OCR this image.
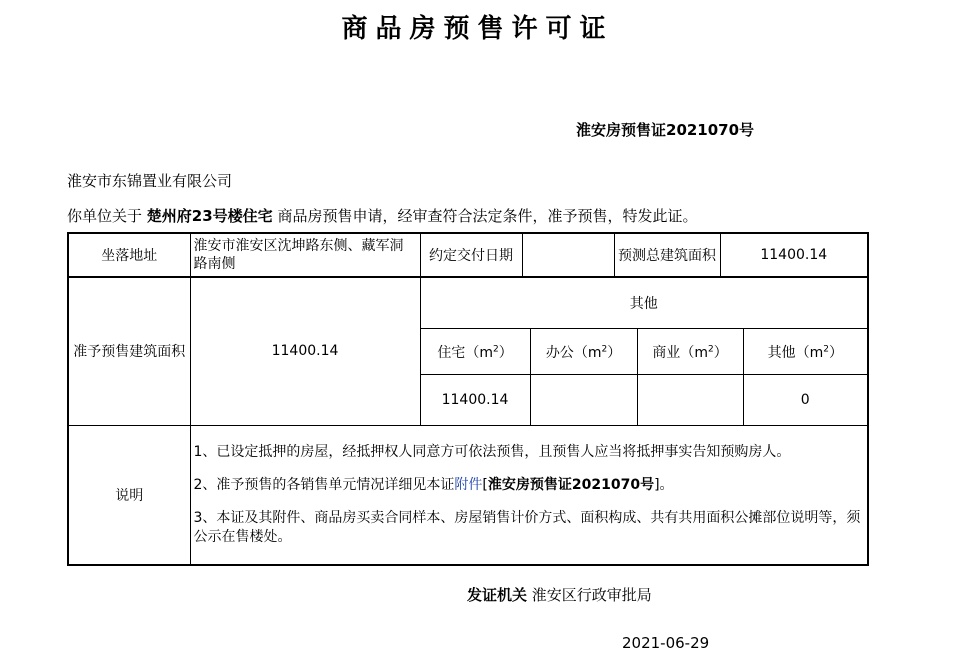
商品房预售许可证
淮安房预售证2021070号
淮安市东锦置业有限公司
你单位关于 楚州府23号楼住宅 商品房预售申请，经审查符合法定条件，准予预售，特发此证。
坐落地址	淮安市淮安区沈坤路东侧、藏军洞路南侧	约定交付日期		预测总建筑面积	11400.14
准予预售建筑面积	11400.14	其他			
		住宅$(m^2)$	办公$(m^2)$	商业$(m^2)$	其他$(m^2)$
		11400.14			0
说明	1、已设定抵押的房屋，经抵押权人同意方可依法预售，且预售人应当将抵押事实告知预购房人。

2、准予预售的各销售单元情况详细见本证附件[淮安房预售证2021070号]。

3、本证及其附件、商品房买卖合同样本、房屋销售计价方式、面积构成、共有共用面积公摊部位说明等，须公示在售楼处。				

发证机关 淮安区行政审批局
2021-06-29
